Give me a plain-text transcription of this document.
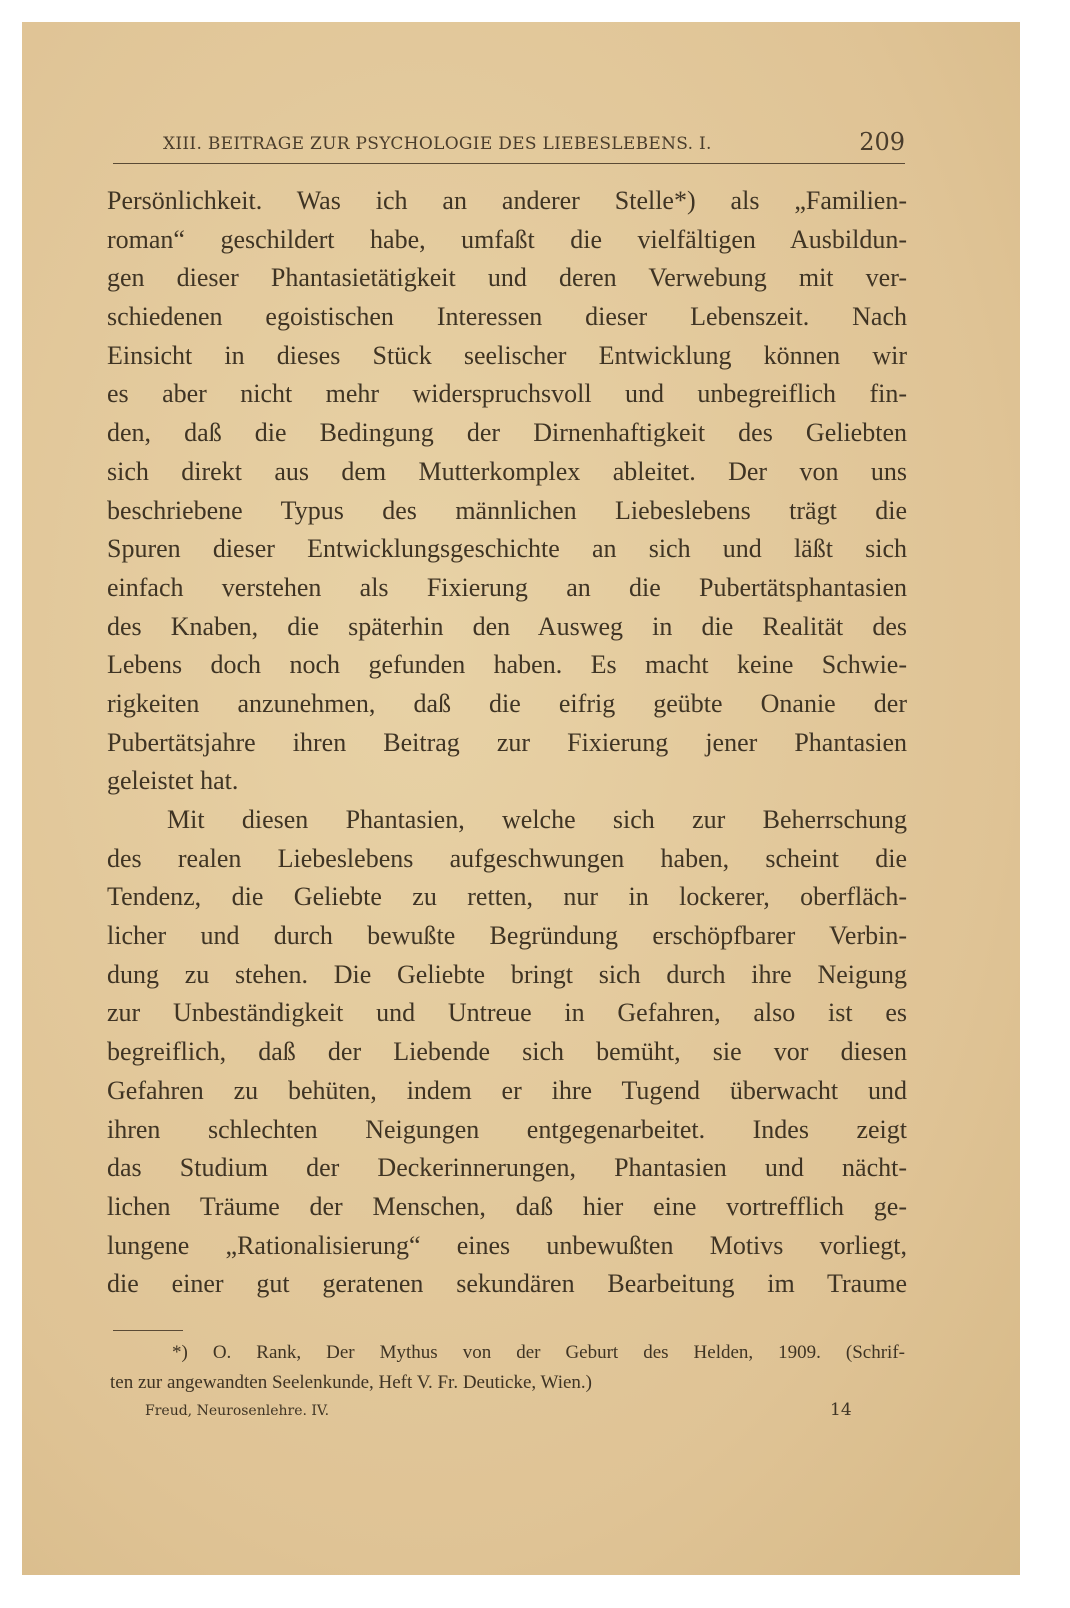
XIII. BEITRAGE ZUR PSYCHOLOGIE DES LIEBESLEBENS. I.	209
Persönlichkeit. Was ich an anderer Stelle*) als „Familien-
roman“ geschildert habe, umfaßt die vielfältigen Ausbildun-
gen dieser Phantasietätigkeit und deren Verwebung mit ver-
schiedenen egoistischen Interessen dieser Lebenszeit. Nach
Einsicht in dieses Stück seelischer Entwicklung können wir
es aber nicht mehr widerspruchsvoll und unbegreiflich fin-
den, daß die Bedingung der Dirnenhaftigkeit des Geliebten
sich direkt aus dem Mutterkomplex ableitet. Der von uns
beschriebene Typus des männlichen Liebeslebens trägt die
Spuren dieser Entwicklungsgeschichte an sich und läßt sich
einfach verstehen als Fixierung an die Pubertätsphantasien
des Knaben, die späterhin den Ausweg in die Realität des
Lebens doch noch gefunden haben. Es macht keine Schwie-
rigkeiten anzunehmen, daß die eifrig geübte Onanie der
Pubertätsjahre ihren Beitrag zur Fixierung jener Phantasien
geleistet hat.
Mit diesen Phantasien, welche sich zur Beherrschung
des realen Liebeslebens aufgeschwungen haben, scheint die
Tendenz, die Geliebte zu retten, nur in lockerer, oberfläch-
licher und durch bewußte Begründung erschöpfbarer Verbin-
dung zu stehen. Die Geliebte bringt sich durch ihre Neigung
zur Unbeständigkeit und Untreue in Gefahren, also ist es
begreiflich, daß der Liebende sich bemüht, sie vor diesen
Gefahren zu behüten, indem er ihre Tugend überwacht und
ihren schlechten Neigungen entgegenarbeitet. Indes zeigt
das Studium der Deckerinnerungen, Phantasien und nächt-
lichen Träume der Menschen, daß hier eine vortrefflich ge-
lungene „Rationalisierung“ eines unbewußten Motivs vorliegt,
die einer gut geratenen sekundären Bearbeitung im Traume
*) O. Rank, Der Mythus von der Geburt des Helden, 1909. (Schrif-
ten zur angewandten Seelenkunde, Heft V. Fr. Deuticke, Wien.)
Freud, Neurosenlehre. IV.	14
